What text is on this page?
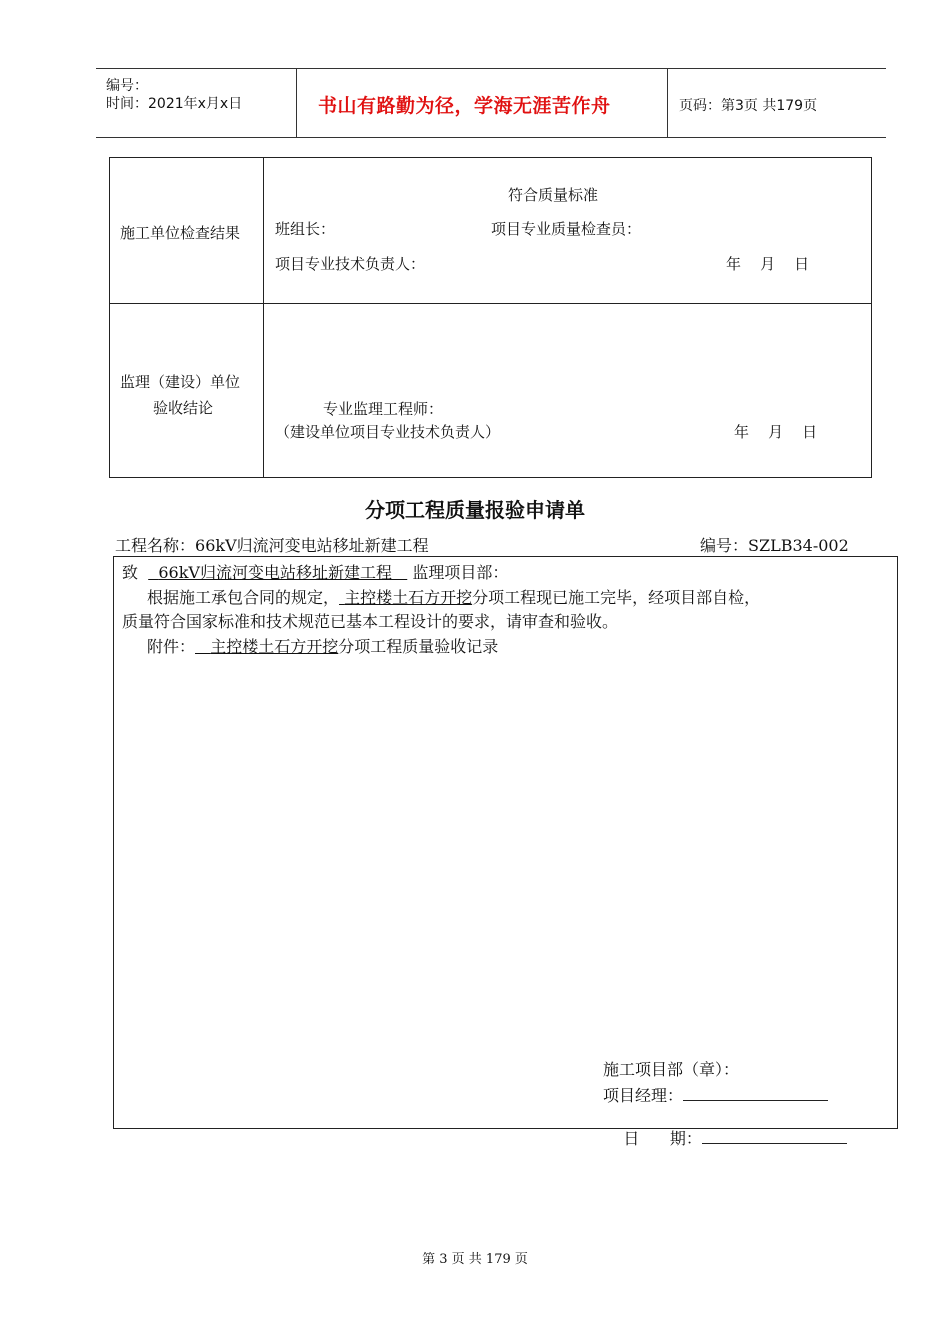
编号：
时间：2021年x月x日	书山有路勤为径，学海无涯苦作舟	页码：第3页 共179页
施工单位检查结果
符合质量标准
班组长：	项目专业质量检查员：
项目专业技术负责人：	年    月    日
监理（建设）单位
验收结论	专业监理工程师：
（建设单位项目专业技术负责人）	年    月    日
分项工程质量报验申请单
工程名称：66kV归流河变电站移址新建工程	编号：SZLB34-002
致 66kV归流河变电站移址新建工程 监理项目部：
根据施工承包合同的规定， 主控楼土石方开挖分项工程现已施工完毕，经项目部自检，
质量符合国家标准和技术规范已基本工程设计的要求，请审查和验收。
附件： 主控楼土石方开挖分项工程质量验收记录
施工项目部（章）：
项目经理：

日      期：

第 3 页 共 179 页
